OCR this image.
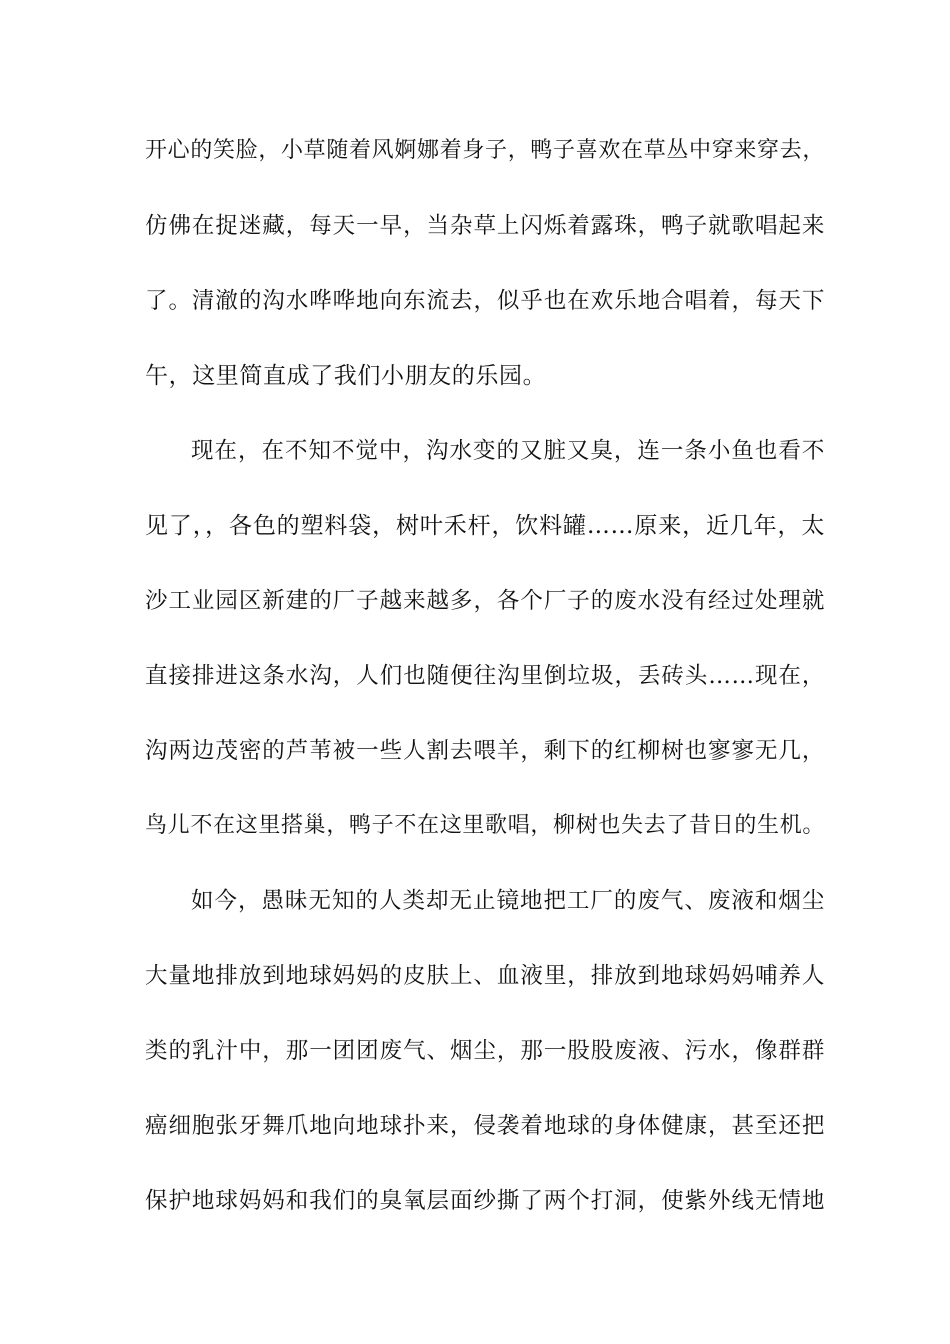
开心的笑脸，小草随着风婀娜着身子，鸭子喜欢在草丛中穿来穿去，
仿佛在捉迷藏，每天一早，当杂草上闪烁着露珠，鸭子就歌唱起来
了。清澈的沟水哗哗地向东流去，似乎也在欢乐地合唱着，每天下
午，这里简直成了我们小朋友的乐园。
现在，在不知不觉中，沟水变的又脏又臭，连一条小鱼也看不
见了，，各色的塑料袋，树叶禾杆，饮料罐……原来，近几年，太
沙工业园区新建的厂子越来越多，各个厂子的废水没有经过处理就
直接排进这条水沟，人们也随便往沟里倒垃圾，丢砖头……现在，
沟两边茂密的芦苇被一些人割去喂羊，剩下的红柳树也寥寥无几，
鸟儿不在这里搭巢，鸭子不在这里歌唱，柳树也失去了昔日的生机。
如今，愚昧无知的人类却无止镜地把工厂的废气、废液和烟尘
大量地排放到地球妈妈的皮肤上、血液里，排放到地球妈妈哺养人
类的乳汁中，那一团团废气、烟尘，那一股股废液、污水，像群群
癌细胞张牙舞爪地向地球扑来，侵袭着地球的身体健康，甚至还把
保护地球妈妈和我们的臭氧层面纱撕了两个打洞，使紫外线无情地
